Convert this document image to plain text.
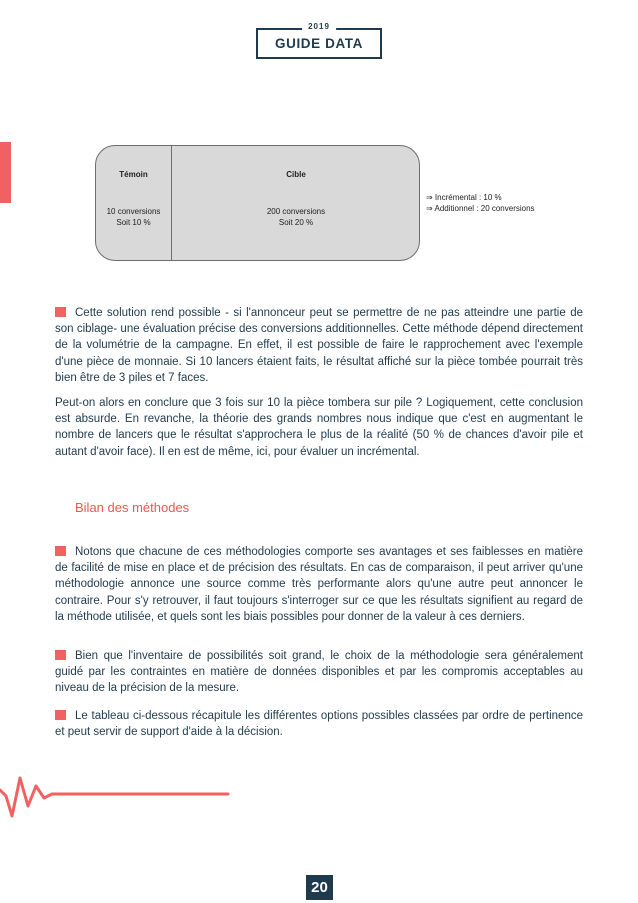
2019
GUIDE DATA
Témoin
10 conversions
Soit 10 %
Cible
200 conversions
Soit 20 %
⇒ Incrémental : 10 %
⇒ Additionnel : 20 conversions

Cette solution rend possible - si l'annonceur peut se permettre de ne pas atteindre une partie de son ciblage- une évaluation précise des conversions additionnelles. Cette méthode dépend directement de la volumétrie de la campagne. En effet, il est possible de faire le rapprochement avec l'exemple d'une pièce de monnaie. Si 10 lancers étaient faits, le résultat affiché sur la pièce tombée pourrait très bien être de 3 piles et 7 faces.

Peut-on alors en conclure que 3 fois sur 10 la pièce tombera sur pile ? Logiquement, cette conclusion est absurde. En revanche, la théorie des grands nombres nous indique que c'est en augmentant le nombre de lancers que le résultat s'approchera le plus de la réalité (50 % de chances d'avoir pile et autant d'avoir face). Il en est de même, ici, pour évaluer un incrémental.

Bilan des méthodes

Notons que chacune de ces méthodologies comporte ses avantages et ses faiblesses en matière de facilité de mise en place et de précision des résultats. En cas de comparaison, il peut arriver qu'une méthodologie annonce une source comme très performante alors qu'une autre peut annoncer le contraire. Pour s'y retrouver, il faut toujours s'interroger sur ce que les résultats signifient au regard de la méthode utilisée, et quels sont les biais possibles pour donner de la valeur à ces derniers.

Bien que l'inventaire de possibilités soit grand, le choix de la méthodologie sera généralement guidé par les contraintes en matière de données disponibles et par les compromis acceptables au niveau de la précision de la mesure.

Le tableau ci-dessous récapitule les différentes options possibles classées par ordre de pertinence et peut servir de support d'aide à la décision.

20
